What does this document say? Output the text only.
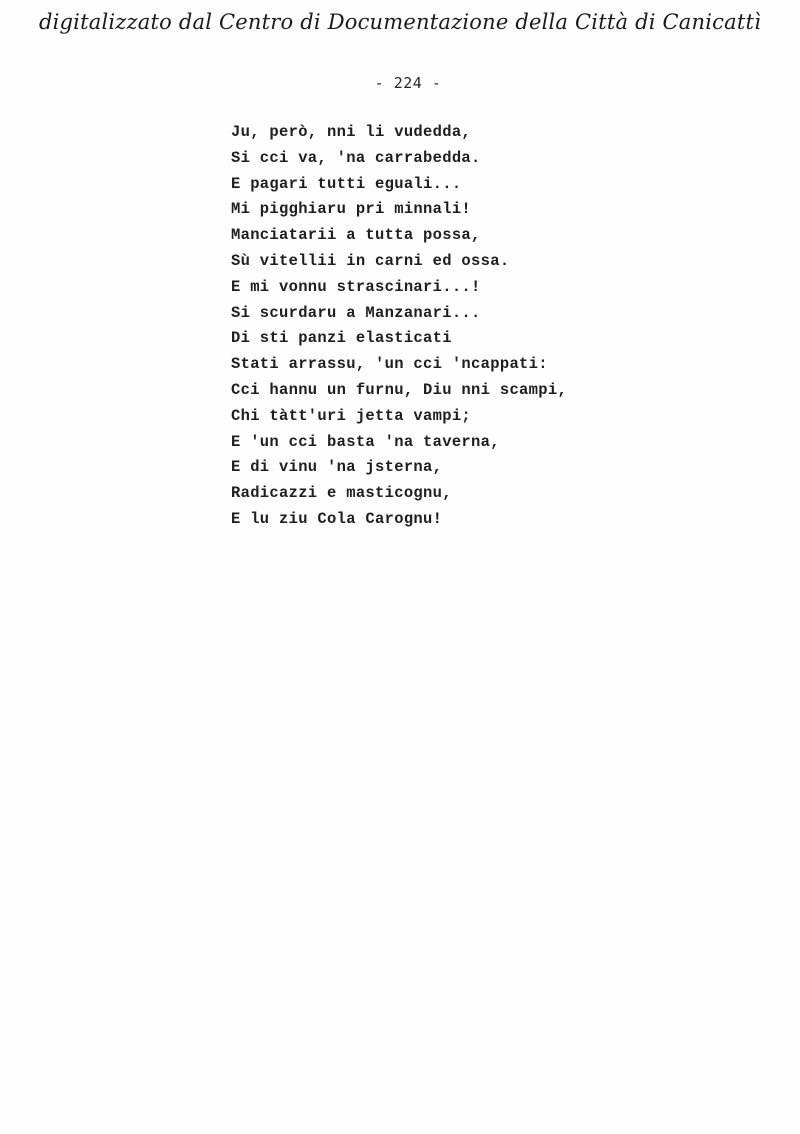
digitalizzato dal Centro di Documentazione della Città di Canicattì
- 224 -
Ju, però, nni li vudedda,
Si cci va, 'na carrabedda.
E pagari tutti eguali...
Mi pigghiaru pri minnali!
Manciatarii a tutta possa,
Sù vitellii in carni ed ossa.
E mi vonnu strascinari...!
Si scurdaru a Manzanari...
Di sti panzi elasticati
Stati arrassu, 'un cci 'ncappati:
Cci hannu un furnu, Diu nni scampi,
Chi tàtt'uri jetta vampi;
E 'un cci basta 'na taverna,
E di vinu 'na jsterna,
Radicazzi e masticognu,
E lu ziu Cola Carognu!
